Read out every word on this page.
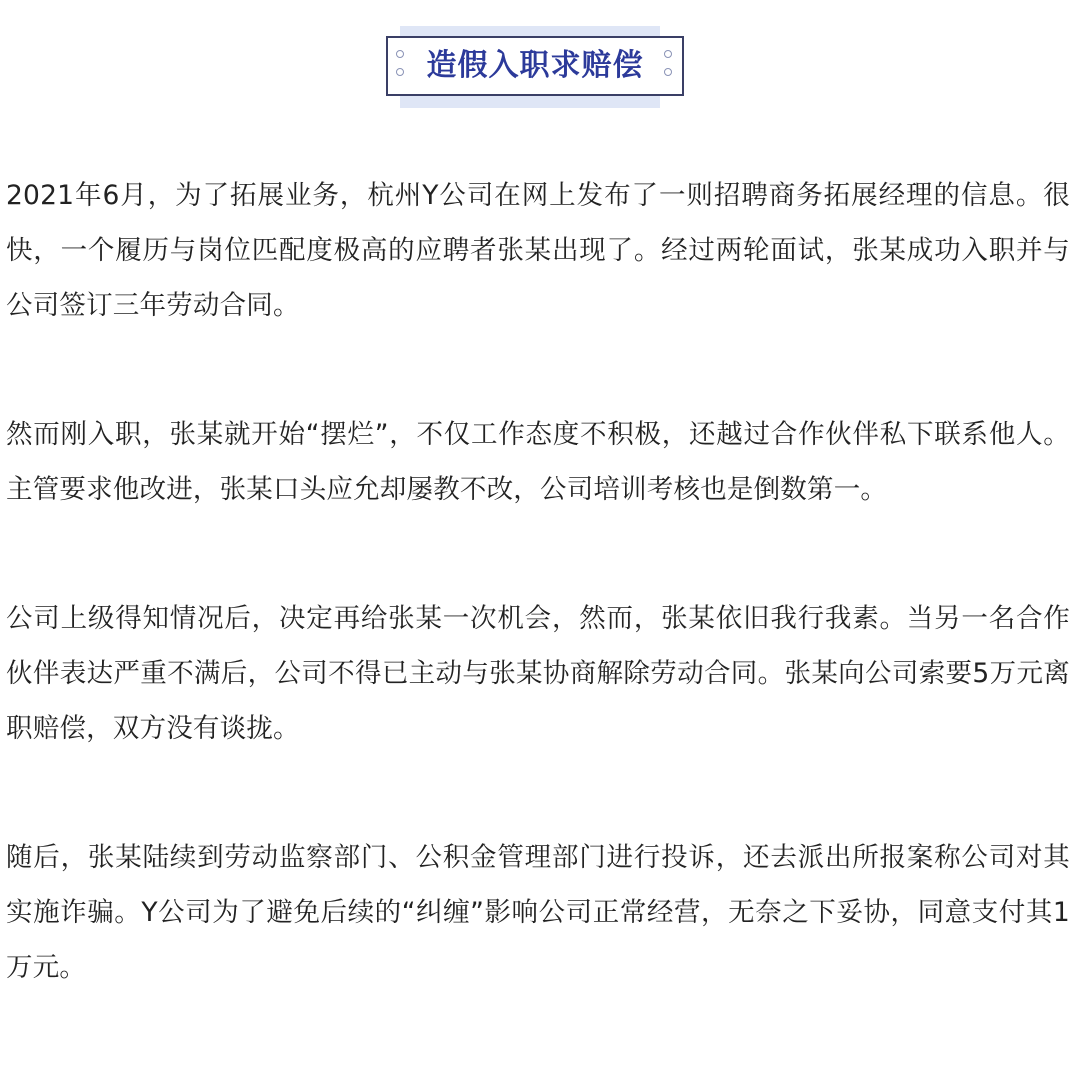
造假入职求赔偿

2021年6月，为了拓展业务，杭州Y公司在网上发布了一则招聘商务拓展经理的信息。很快，一个履历与岗位匹配度极高的应聘者张某出现了。经过两轮面试，张某成功入职并与公司签订三年劳动合同。

然而刚入职，张某就开始“摆烂”，不仅工作态度不积极，还越过合作伙伴私下联系他人。主管要求他改进，张某口头应允却屡教不改，公司培训考核也是倒数第一。

公司上级得知情况后，决定再给张某一次机会，然而，张某依旧我行我素。当另一名合作伙伴表达严重不满后，公司不得已主动与张某协商解除劳动合同。张某向公司索要5万元离职赔偿，双方没有谈拢。

随后，张某陆续到劳动监察部门、公积金管理部门进行投诉，还去派出所报案称公司对其实施诈骗。Y公司为了避免后续的“纠缠”影响公司正常经营，无奈之下妥协，同意支付其1万元。
